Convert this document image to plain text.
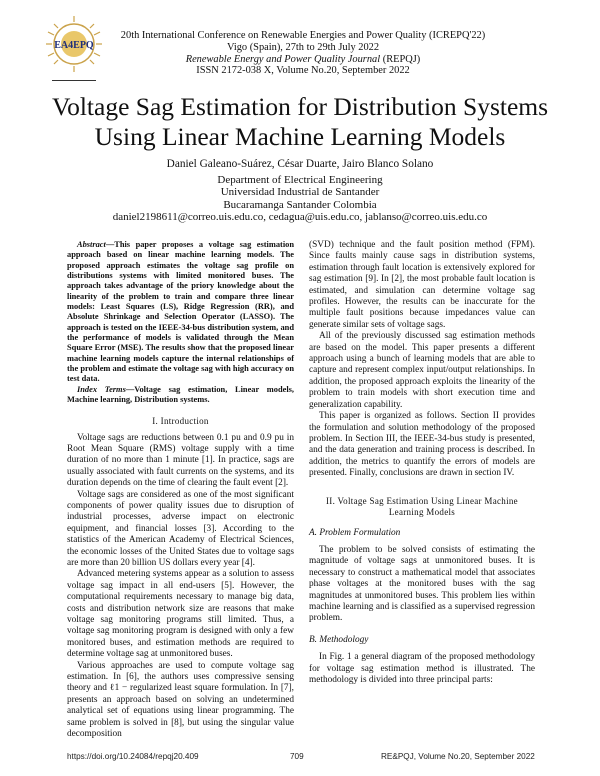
EA4EPQ
20th International Conference on Renewable Energies and Power Quality (ICREPQ'22)
Vigo (Spain), 27th to 29th July 2022
Renewable Energy and Power Quality Journal (REPQJ)
ISSN 2172-038 X, Volume No.20, September 2022
Voltage Sag Estimation for Distribution Systems
Using Linear Machine Learning Models
Daniel Galeano-Suárez, César Duarte, Jairo Blanco Solano
Department of Electrical Engineering
Universidad Industrial de Santander
Bucaramanga Santander Colombia
daniel2198611@correo.uis.edu.co, cedagua@uis.edu.co, jablanso@correo.uis.edu.co

Abstract—This paper proposes a voltage sag estimation approach based on linear machine learning models. The proposed approach estimates the voltage sag profile on distributions systems with limited monitored buses. The approach takes advantage of the priory knowledge about the linearity of the problem to train and compare three linear models: Least Squares (LS), Ridge Regression (RR), and Absolute Shrinkage and Selection Operator (LASSO). The approach is tested on the IEEE-34-bus distribution system, and the performance of models is validated through the Mean Square Error (MSE). The results show that the proposed linear machine learning models capture the internal relationships of the problem and estimate the voltage sag with high accuracy on test data.

Index Terms—Voltage sag estimation, Linear models, Machine learning, Distribution systems.

I. Introduction

Voltage sags are reductions between 0.1 pu and 0.9 pu in Root Mean Square (RMS) voltage supply with a time duration of no more than 1 minute [1]. In practice, sags are usually associated with fault currents on the systems, and its duration depends on the time of clearing the fault event [2].

Voltage sags are considered as one of the most significant components of power quality issues due to disruption of industrial processes, adverse impact on electronic equipment, and financial losses [3]. According to the statistics of the American Academy of Electrical Sciences, the economic losses of the United States due to voltage sags are more than 20 billion US dollars every year [4].

Advanced metering systems appear as a solution to assess voltage sag impact in all end-users [5]. However, the computational requirements necessary to manage big data, costs and distribution network size are reasons that make voltage sag monitoring programs still limited. Thus, a voltage sag monitoring program is designed with only a few monitored buses, and estimation methods are required to determine voltage sag at unmonitored buses.

Various approaches are used to compute voltage sag estimation. In [6], the authors uses compressive sensing theory and ℓ1 − regularized least square formulation. In [7], presents an approach based on solving an undetermined analytical set of equations using linear programming. The same problem is solved in [8], but using the singular value decomposition

(SVD) technique and the fault position method (FPM). Since faults mainly cause sags in distribution systems, estimation through fault location is extensively explored for sag estimation [9]. In [2], the most probable fault location is estimated, and simulation can determine voltage sag profiles. However, the results can be inaccurate for the multiple fault positions because impedances value can generate similar sets of voltage sags.

All of the previously discussed sag estimation methods are based on the model. This paper presents a different approach using a bunch of learning models that are able to capture and represent complex input/output relationships. In addition, the proposed approach exploits the linearity of the problem to train models with short execution time and generalization capability.

This paper is organized as follows. Section II provides the formulation and solution methodology of the proposed problem. In Section III, the IEEE-34-bus study is presented, and the data generation and training process is described. In addition, the metrics to quantify the errors of models are presented. Finally, conclusions are drawn in section IV.

II. Voltage Sag Estimation Using Linear Machine

Learning Models

A. Problem Formulation

The problem to be solved consists of estimating the magnitude of voltage sags at unmonitored buses. It is necessary to construct a mathematical model that associates phase voltages at the monitored buses with the sag magnitudes at unmonitored buses. This problem lies within machine learning and is classified as a supervised regression problem.

B. Methodology

In Fig. 1 a general diagram of the proposed methodology for voltage sag estimation method is illustrated. The methodology is divided into three principal parts:

https://doi.org/10.24084/repqj20.409	709	RE&PQJ, Volume No.20, September 2022
